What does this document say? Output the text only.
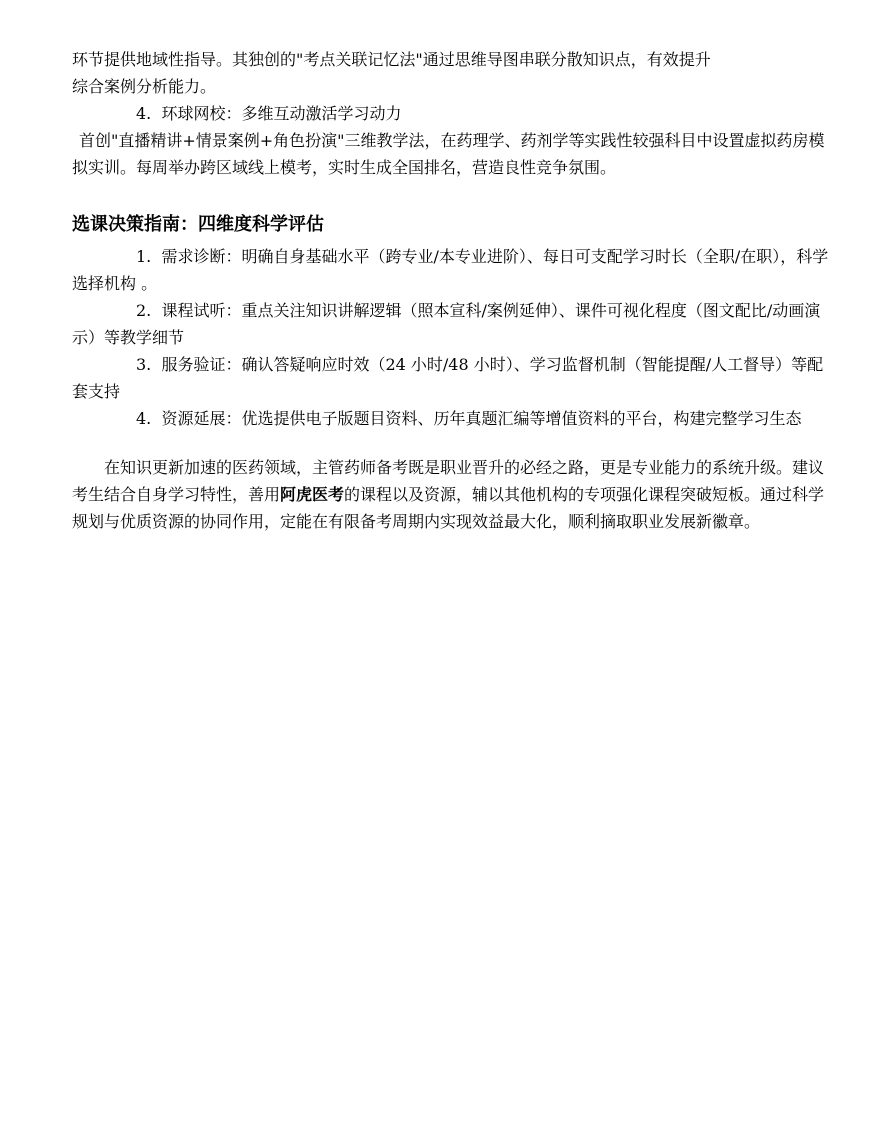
环节提供地域性指导。其独创的"考点关联记忆法"通过思维导图串联分散知识点，有效提升
综合案例分析能力。

4. 环球网校：多维互动激活学习动力

首创"直播精讲+情景案例+角色扮演"三维教学法，在药理学、药剂学等实践性较强科目中设置虚拟药房模拟实训。每周举办跨区域线上模考，实时生成全国排名，营造良性竞争氛围。

选课决策指南：四维度科学评估

1. 需求诊断：明确自身基础水平（跨专业/本专业进阶）、每日可支配学习时长（全职/在职），科学选择机构 。

2. 课程试听：重点关注知识讲解逻辑（照本宣科/案例延伸）、课件可视化程度（图文配比/动画演示）等教学细节

3. 服务验证：确认答疑响应时效（24 小时/48 小时）、学习监督机制（智能提醒/人工督导）等配套支持

4. 资源延展：优选提供电子版题目资料、历年真题汇编等增值资料的平台，构建完整学习生态

在知识更新加速的医药领域，主管药师备考既是职业晋升的必经之路，更是专业能力的系统升级。建议考生结合自身学习特性，善用阿虎医考的课程以及资源，辅以其他机构的专项强化课程突破短板。通过科学规划与优质资源的协同作用，定能在有限备考周期内实现效益最大化，顺利摘取职业发展新徽章。
